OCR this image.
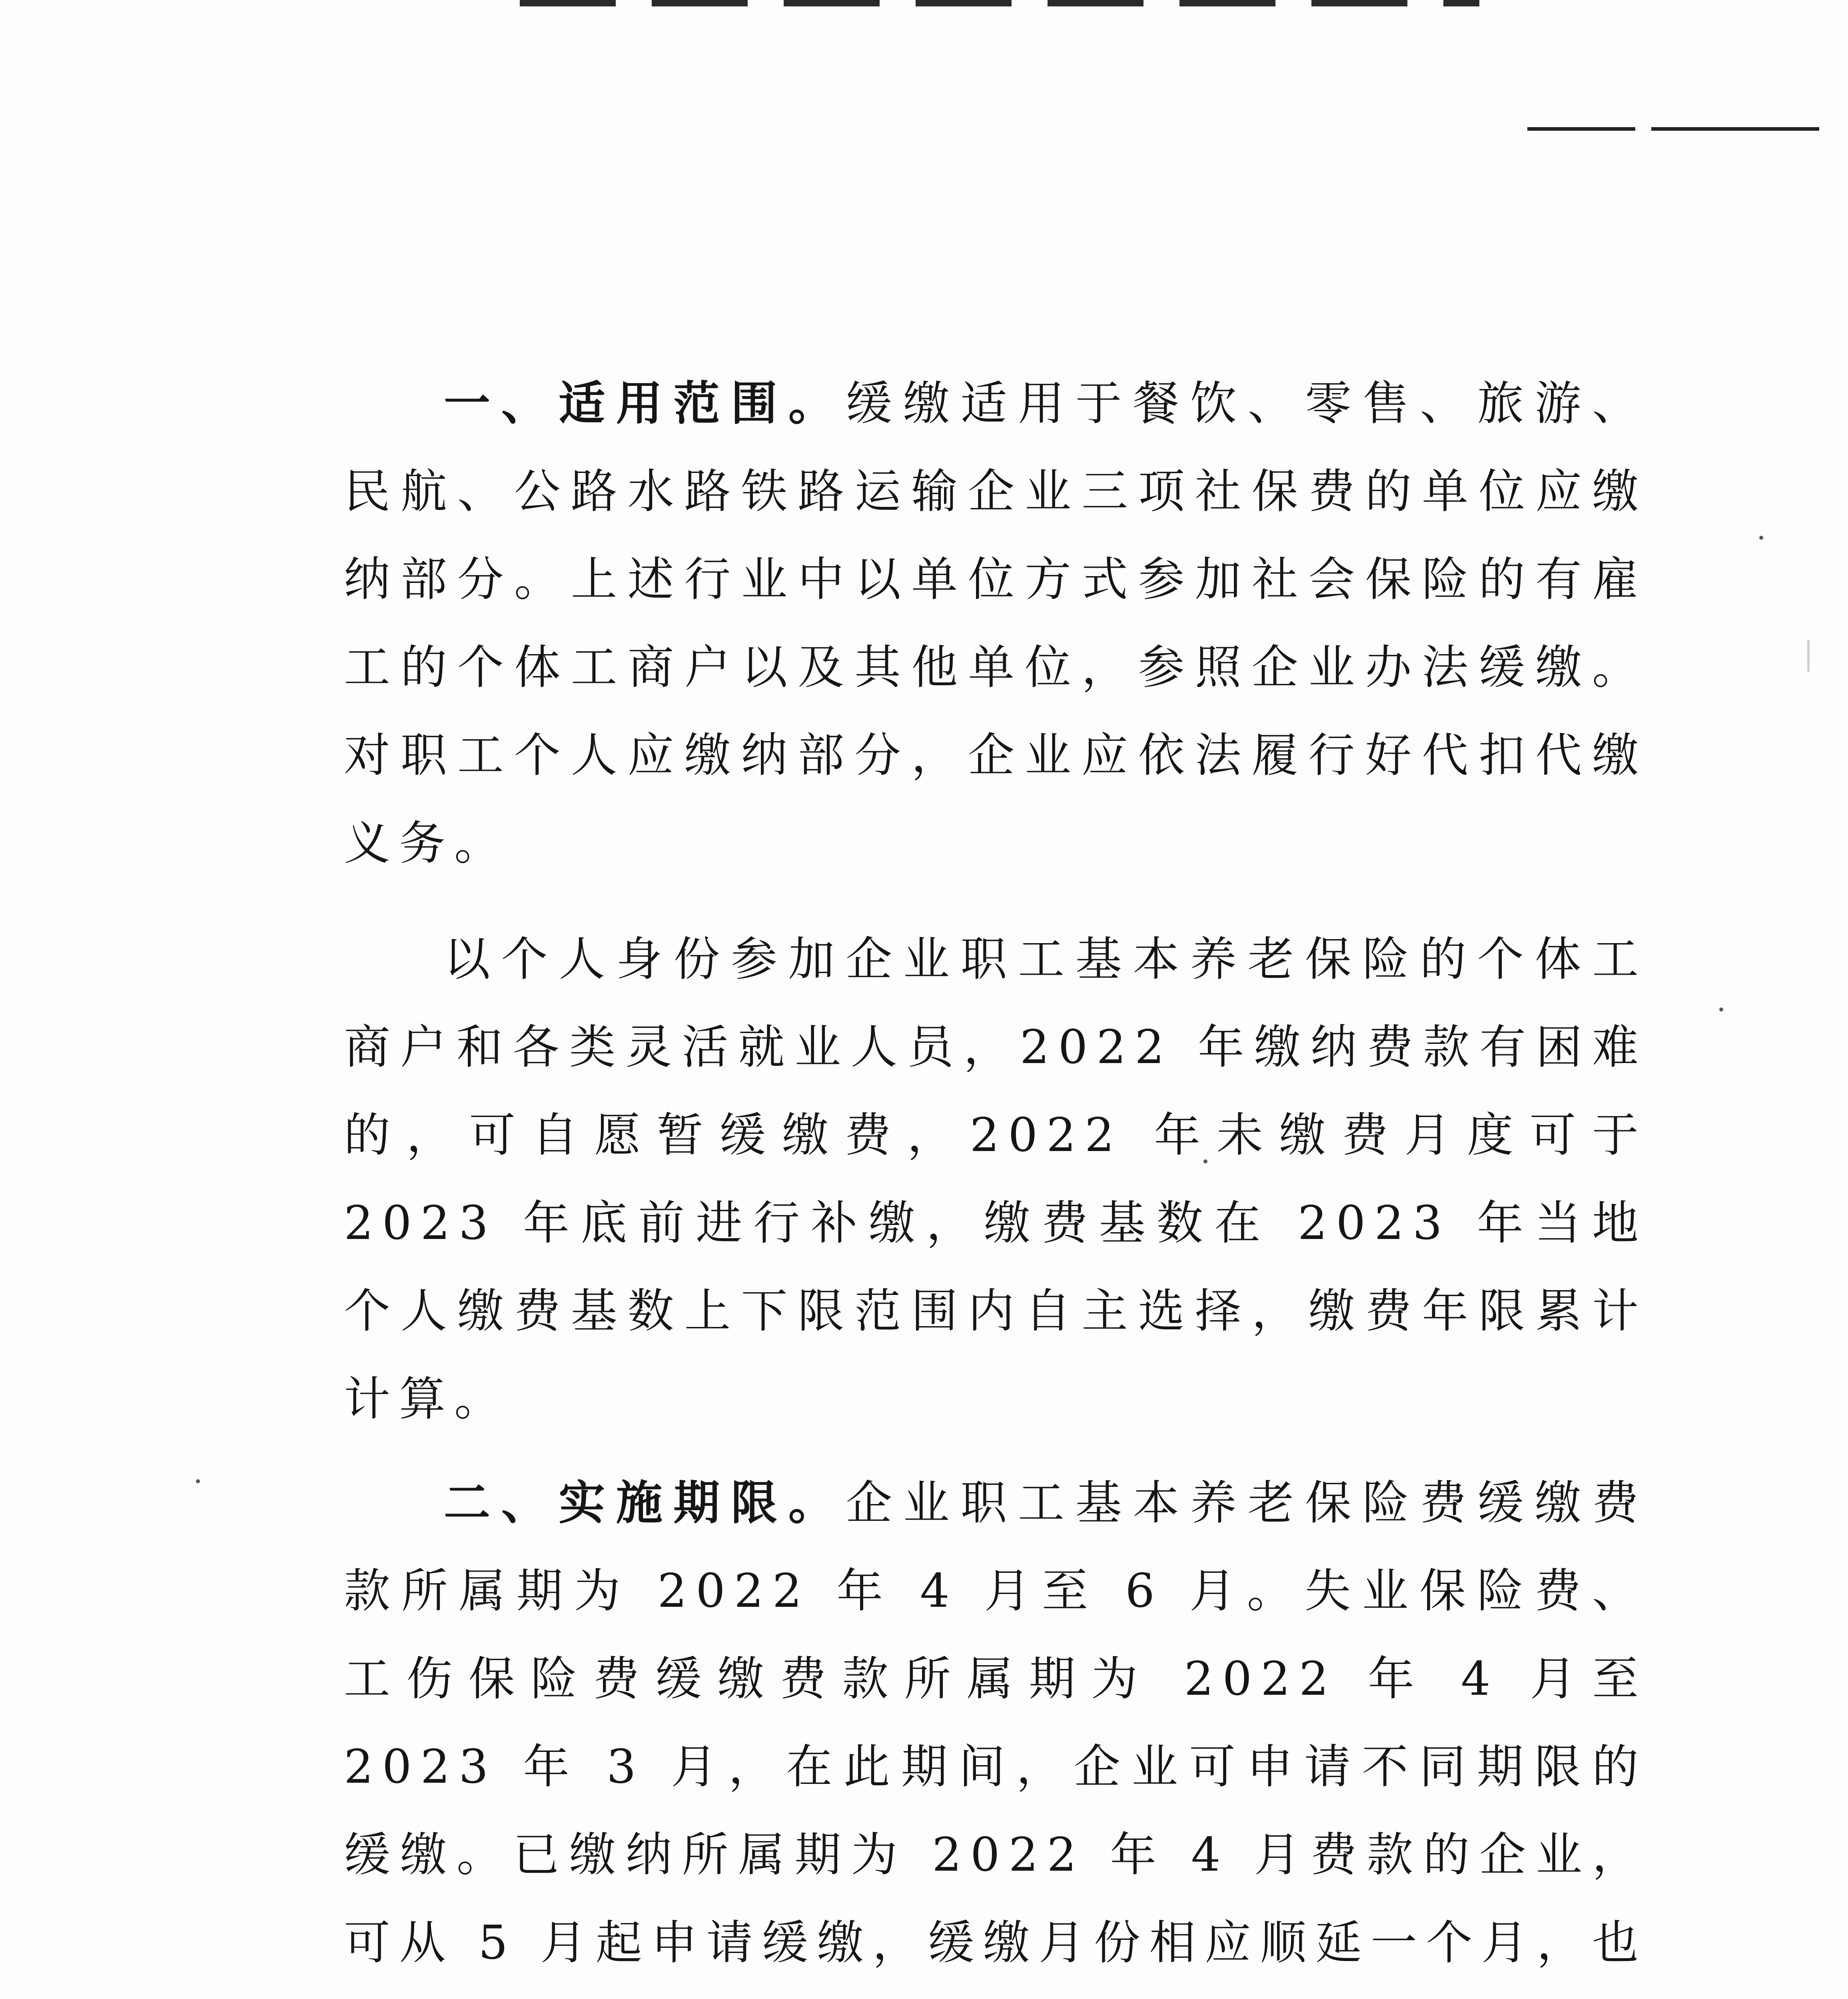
一、适用范围。缓缴适用于餐饮、零售、旅游、民航、公路水路铁路运输企业三项社保费的单位应缴纳部分。上述行业中以单位方式参加社会保险的有雇工的个体工商户以及其他单位，参照企业办法缓缴。对职工个人应缴纳部分，企业应依法履行好代扣代缴义务。

以个人身份参加企业职工基本养老保险的个体工商户和各类灵活就业人员，2022 年缴纳费款有困难的，可自愿暂缓缴费，2022 年未缴费月度可于 2023 年底前进行补缴，缴费基数在 2023 年当地个人缴费基数上下限范围内自主选择，缴费年限累计计算。

二、实施期限。企业职工基本养老保险费缓缴费款所属期为 2022 年 4 月至 6 月。失业保险费、工伤保险费缓缴费款所属期为 2022 年 4 月至 2023 年 3 月，在此期间，企业可申请不同期限的缓缴。已缴纳所属期为 2022 年 4 月费款的企业，可从 5 月起申请缓缴，缓缴月份相应顺延一个月，也
